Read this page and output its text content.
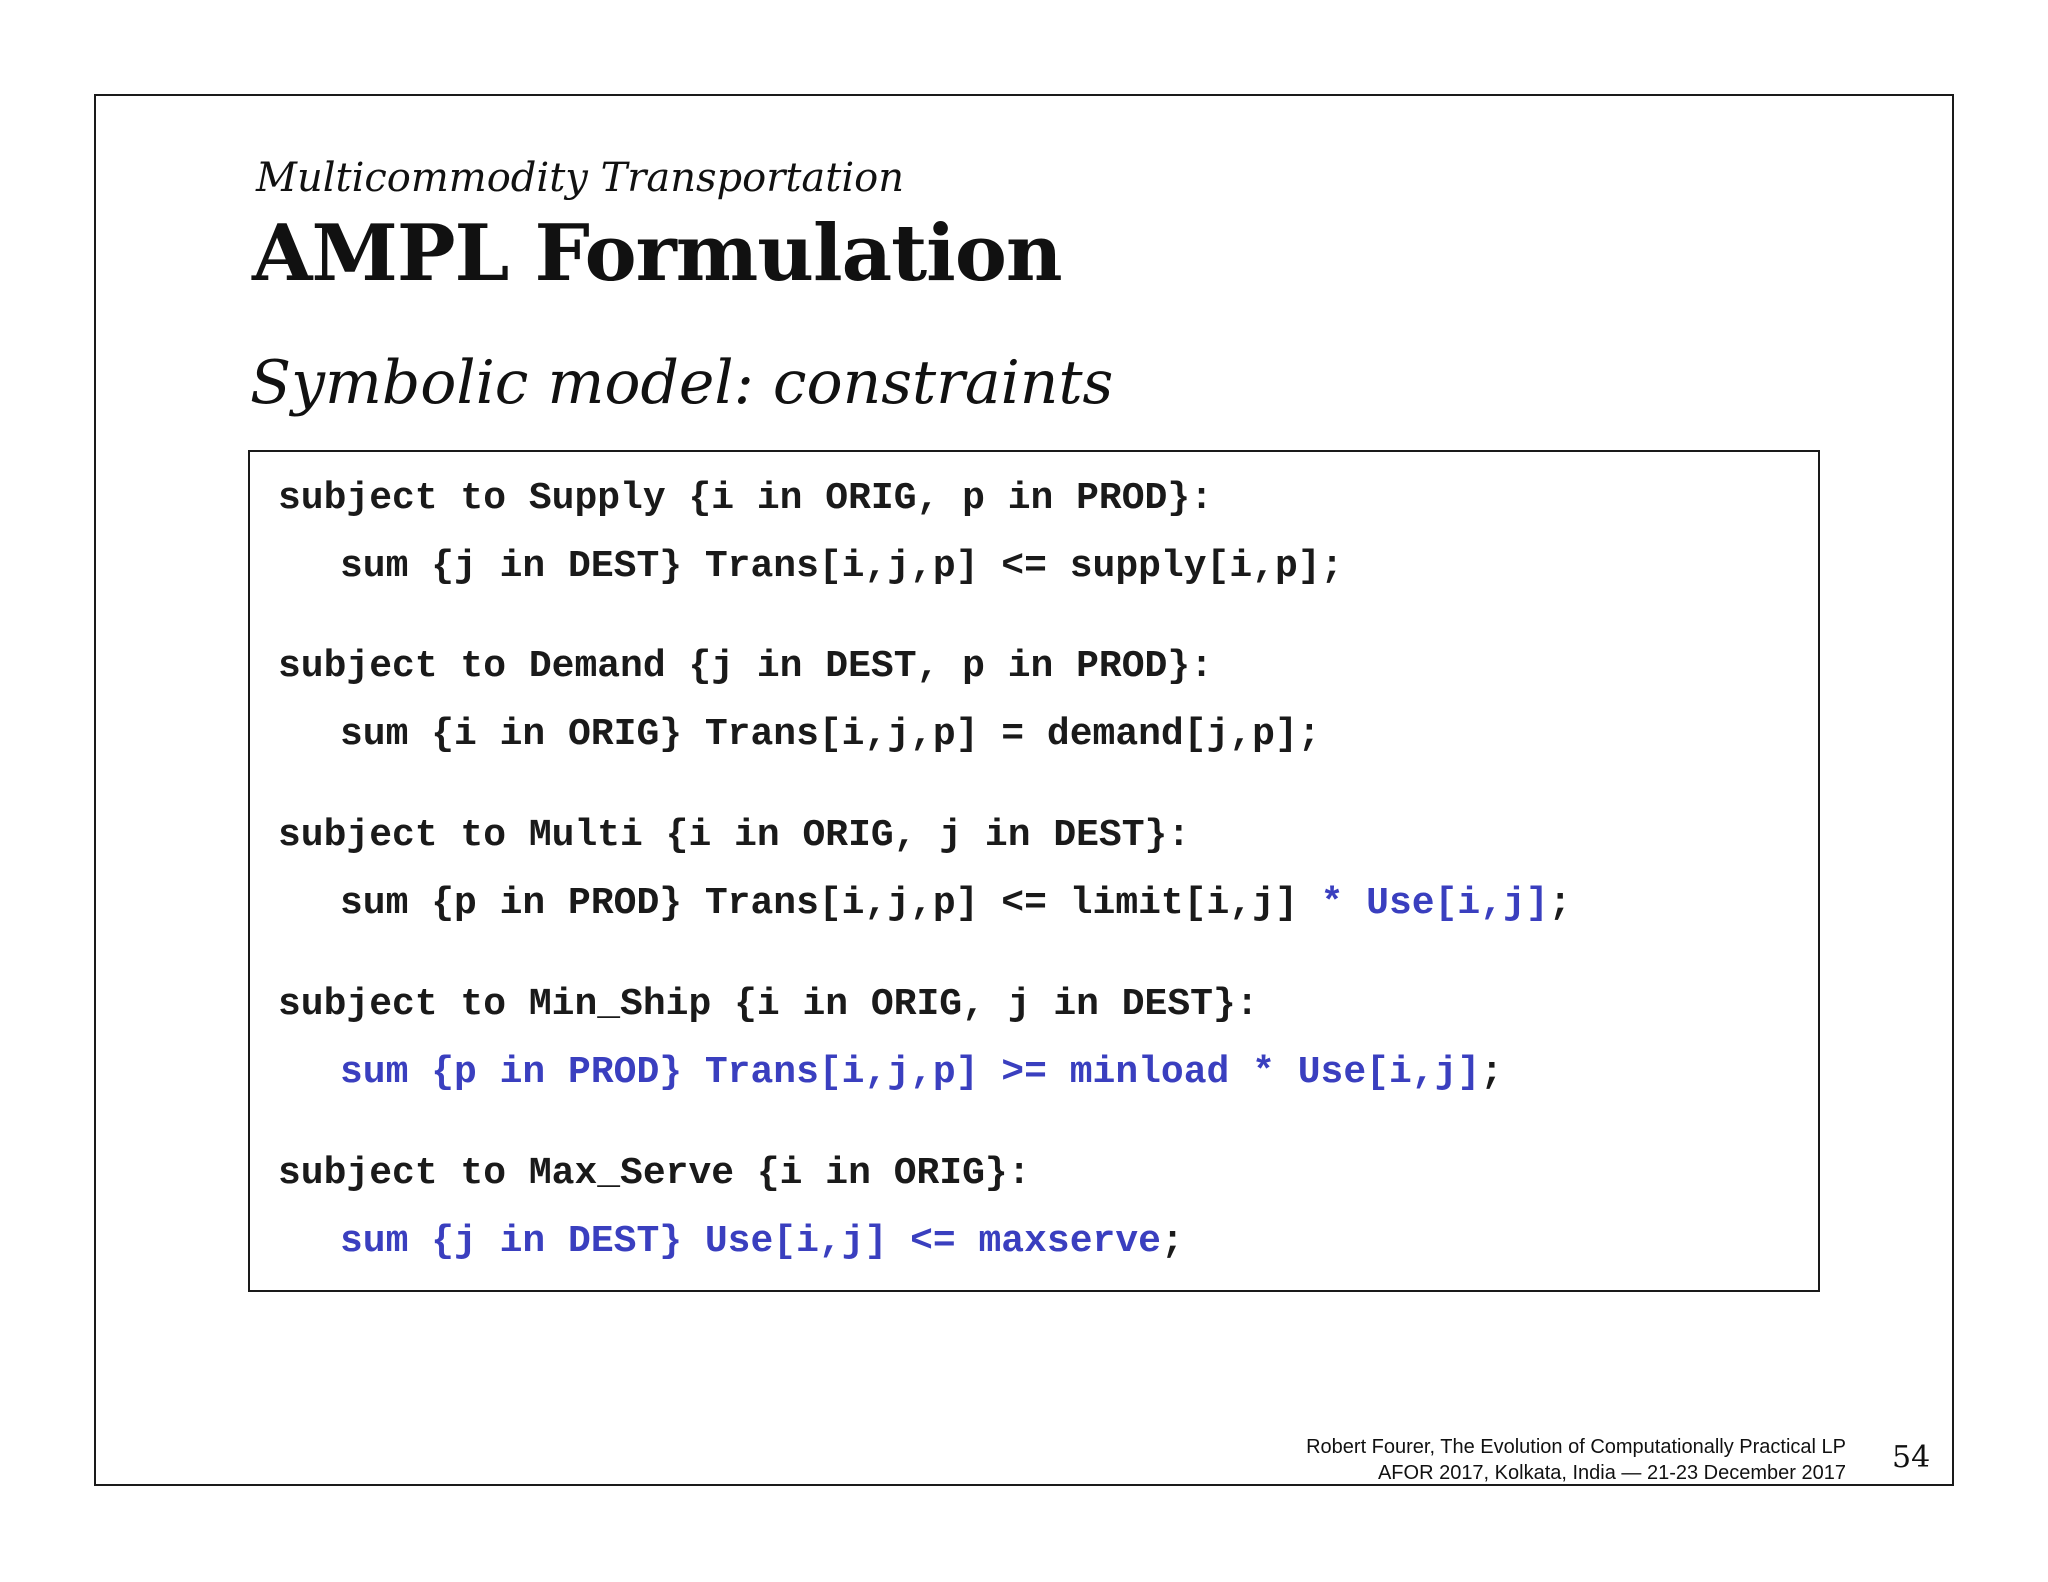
Multicommodity Transportation
AMPL Formulation
Symbolic model: constraints
subject to Supply {i in ORIG, p in PROD}:
sum {j in DEST} Trans[i,j,p] <= supply[i,p];
subject to Demand {j in DEST, p in PROD}:
sum {i in ORIG} Trans[i,j,p] = demand[j,p];
subject to Multi {i in ORIG, j in DEST}:
sum {p in PROD} Trans[i,j,p] <= limit[i,j] * Use[i,j];
subject to Min_Ship {i in ORIG, j in DEST}:
sum {p in PROD} Trans[i,j,p] >= minload * Use[i,j];
subject to Max_Serve {i in ORIG}:
sum {j in DEST} Use[i,j] <= maxserve;
Robert Fourer, The Evolution of Computationally Practical LP
AFOR 2017, Kolkata, India — 21-23 December 2017 54
